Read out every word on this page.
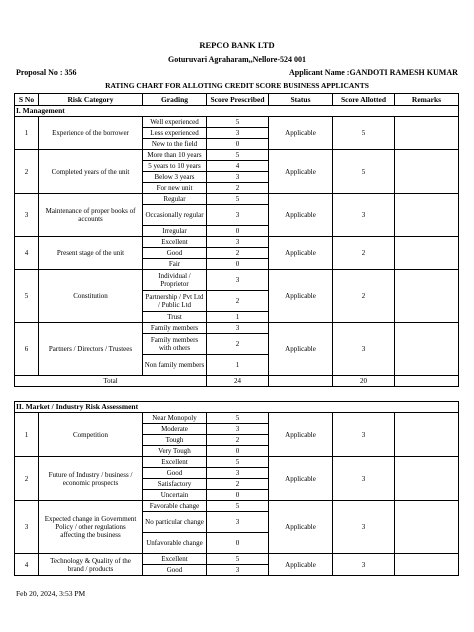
REPCO BANK LTD
Goturuvari Agraharam,,Nellore-524 001
Proposal No : 356	Applicant Name :GANDOTI RAMESH KUMAR
RATING CHART FOR ALLOTING CREDIT SCORE BUSINESS APPLICANTS
S No	Risk Category	Grading	Score Prescribed	Status	Score Allotted	Remarks
I. Management						
1	Experience of the borrower	Well experienced	5	Applicable	5	
		Less experienced	3			
		New to the field	0			
2	Completed years of the unit	More than 10 years	5	Applicable	5	
		5 years to 10 years	4			
		Below 3 years	3			
		For new unit	2			
3	Maintenance of proper books of accounts	Regular	5	Applicable	3	
		Occasionally regular	3			
		Irregular	0			
4	Present stage of the unit	Excellent	3	Applicable	2	
		Good	2			
		Fair	0			
5	Constitution	Individual / Proprietor	3	Applicable	2	
		Partnership / Pvt Ltd / Public Ltd	2			
		Trust	1			
6	Partners / Directors / Trustees	Family members	3	Applicable	3	
		Family members with others	2			
		Non family members	1			
Total			24		20	
II. Market / Industry Risk Assessment						
1	Competition	Near Monopoly	5	Applicable	3	
		Moderate	3			
		Tough	2			
		Very Tough	0			
2	Future of Industry / business / economic prospects	Excellent	5	Applicable	3	
		Good	3			
		Satisfactory	2			
		Uncertain	0			
3	Expected change in Government Policy / other regulations affecting the business	Favorable change	5	Applicable	3	
		No particular change	3			
		Unfavorable change	0			
4	Technology & Quality of the brand / products	Excellent	5	Applicable	3	
		Good	3			
Feb 20, 2024, 3:53 PM
